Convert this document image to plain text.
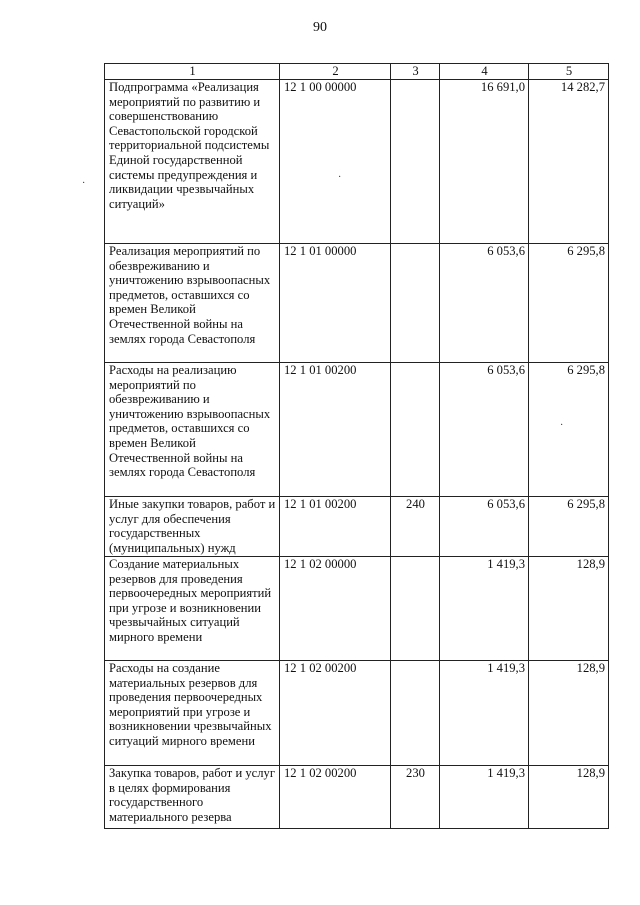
90
1	2	3	4	5
Подпрограмма «Реализация мероприятий по развитию и совершенствованию Севастопольской городской территориальной подсистемы Единой государственной системы предупреждения и ликвидации чрезвычайных ситуаций»	12 1 00 00000		16 691,0	14 282,7
Реализация мероприятий по обезвреживанию и уничтожению взрывоопасных предметов, оставшихся со времен Великой Отечественной войны на землях города Севастополя	12 1 01 00000		6 053,6	6 295,8
Расходы на реализацию мероприятий по обезвреживанию и уничтожению взрывоопасных предметов, оставшихся со времен Великой Отечественной войны на землях города Севастополя	12 1 01 00200		6 053,6	6 295,8
Иные закупки товаров, работ и услуг для обеспечения государственных (муниципальных) нужд	12 1 01 00200	240	6 053,6	6 295,8
Создание материальных резервов для проведения первоочередных мероприятий при угрозе и возникновении чрезвычайных ситуаций мирного времени	12 1 02 00000		1 419,3	128,9
Расходы на создание материальных резервов для проведения первоочередных мероприятий при угрозе и возникновении чрезвычайных ситуаций мирного времени	12 1 02 00200		1 419,3	128,9
Закупка товаров, работ и услуг в целях формирования государственного материального резерва	12 1 02 00200	230	1 419,3	128,9
·
·
·
